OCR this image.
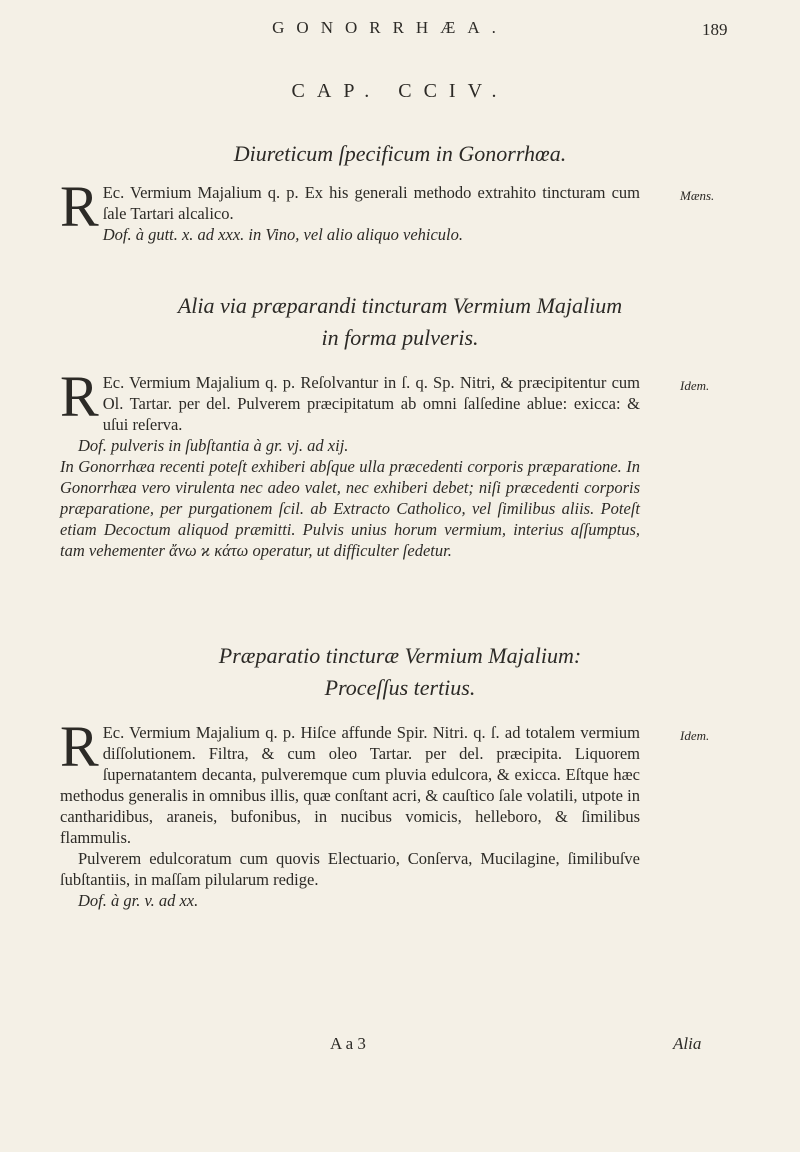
GONORRHÆA.	189
CAP. CCIV.
Diureticum ſpecificum in Gonorrhœa.

R Ec. Vermium Majalium q. p. Ex his generali methodo extrahito tincturam cum ſale Tartari alcalico.

Dof. à gutt. x. ad xxx. in Vino, vel alio aliquo vehiculo.

Mæns.
Alia via præparandi tincturam Vermium Majalium
in forma pulveris.

R Ec. Vermium Majalium q. p. Reſolvantur in ſ. q. Sp. Nitri, & præcipitentur cum Ol. Tartar. per del. Pulverem præcipitatum ab omni ſalſedine ablue: exicca: & uſui reſerva.

Dof. pulveris in ſubſtantia à gr. vj. ad xij.

In Gonorrhæa recenti poteſt exhiberi abſque ulla præcedenti corporis præparatione. In Gonorrhæa vero virulenta nec adeo valet, nec exhiberi debet; niſi præcedenti corporis præparatione, per purgationem ſcil. ab Extracto Catholico, vel ſimilibus aliis. Poteſt etiam Decoctum aliquod præmitti. Pulvis unius horum vermium, interius aſſumptus, tam vehementer ἄνω ϰ κάτω operatur, ut difficulter ſedetur.

Idem.
Præparatio tincturæ Vermium Majalium:
Proceſſus tertius.

R Ec. Vermium Majalium q. p. Hiſce affunde Spir. Nitri. q. ſ. ad totalem vermium diſſolutionem. Filtra, & cum oleo Tartar. per del. præcipita. Liquorem ſupernatantem decanta, pulveremque cum pluvia edulcora, & exicca. Eſtque hæc methodus generalis in omnibus illis, quæ conſtant acri, & cauſtico ſale volatili, utpote in cantharidibus, araneis, bufonibus, in nucibus vomicis, helleboro, & ſimilibus flammulis.

Pulverem edulcoratum cum quovis Electuario, Conſerva, Mucilagine, ſimilibuſve ſubſtantiis, in maſſam pilularum redige.

Dof. à gr. v. ad xx.

Idem.
A a 3	Alia
